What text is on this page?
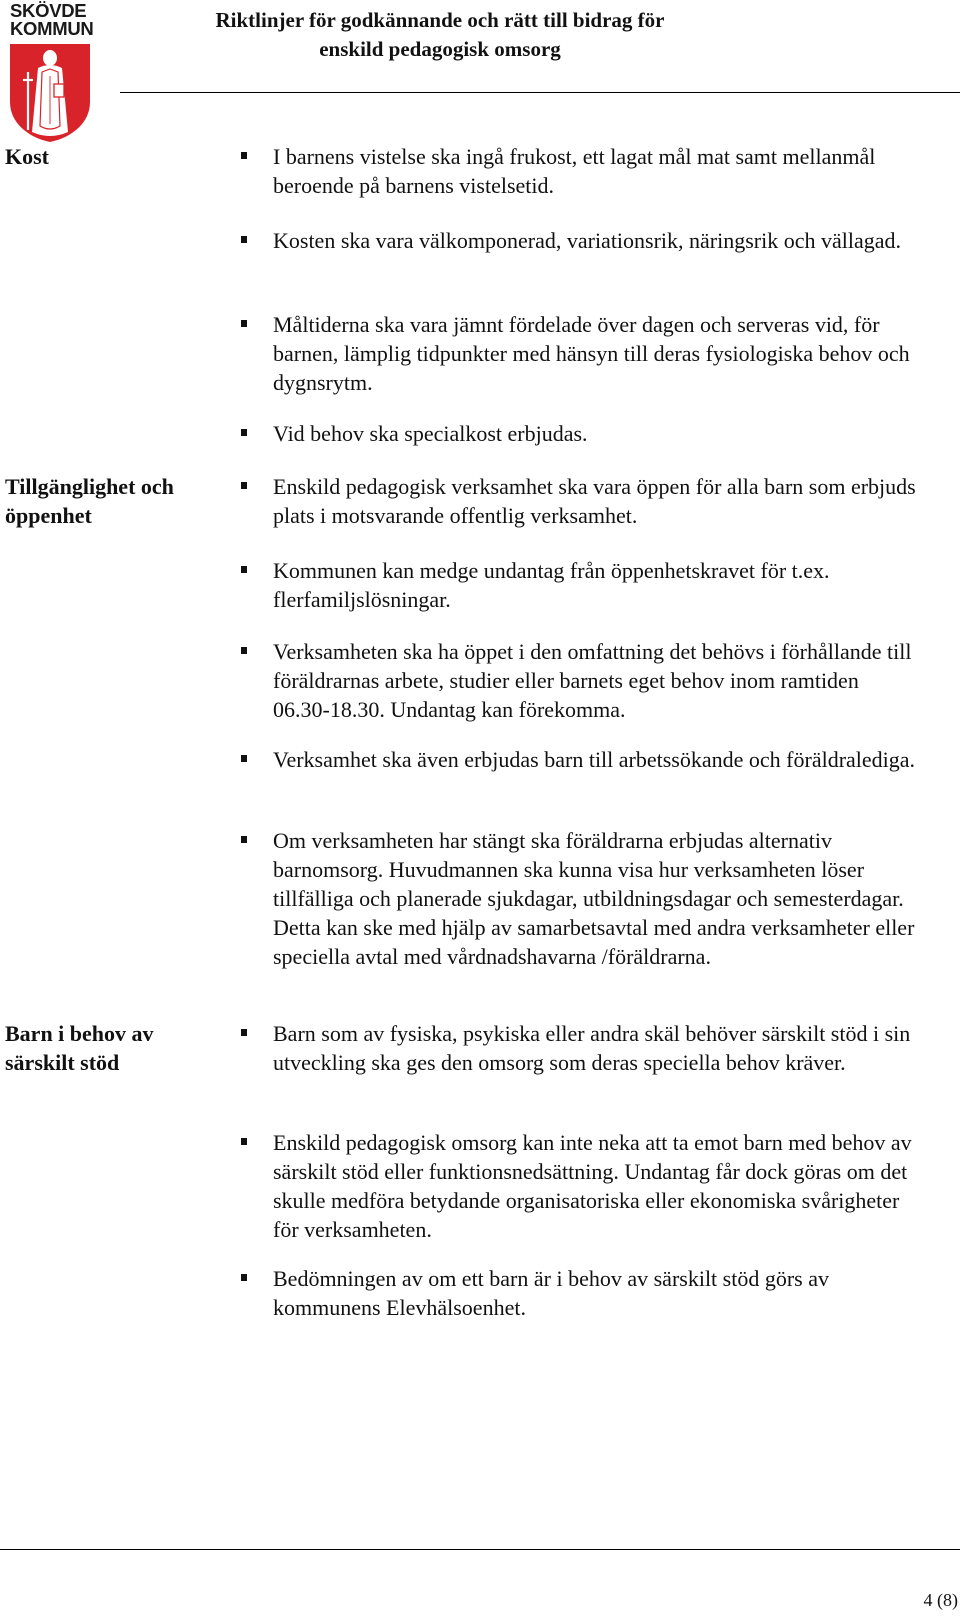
SKÖVDE
KOMMUN	Riktlinjer för godkännande och rätt till bidrag för
enskild pedagogisk omsorg
Kost	I barnens vistelse ska ingå frukost, ett lagat mål mat samt mellanmål beroende på barnens vistelsetid.
Kosten ska vara välkomponerad, variationsrik, näringsrik och vällagad.
Måltiderna ska vara jämnt fördelade över dagen och serveras vid, för barnen, lämplig tidpunkter med hänsyn till deras fysiologiska behov och dygnsrytm.
Vid behov ska specialkost erbjudas.
Tillgänglighet och
öppenhet
Enskild pedagogisk verksamhet ska vara öppen för alla barn som erbjuds plats i motsvarande offentlig verksamhet.
Kommunen kan medge undantag från öppenhetskravet för t.ex. flerfamiljslösningar.
Verksamheten ska ha öppet i den omfattning det behövs i förhållande till föräldrarnas arbete, studier eller barnets eget behov inom ramtiden 06.30-18.30. Undantag kan förekomma.
Verksamhet ska även erbjudas barn till arbetssökande och föräldralediga.
Om verksamheten har stängt ska föräldrarna erbjudas alternativ barnomsorg. Huvudmannen ska kunna visa hur verksamheten löser tillfälliga och planerade sjukdagar, utbildningsdagar och semesterdagar. Detta kan ske med hjälp av samarbetsavtal med andra verksamheter eller speciella avtal med vårdnadshavarna /föräldrarna.
Barn i behov av
särskilt stöd
Barn som av fysiska, psykiska eller andra skäl behöver särskilt stöd i sin utveckling ska ges den omsorg som deras speciella behov kräver.
Enskild pedagogisk omsorg kan inte neka att ta emot barn med behov av särskilt stöd eller funktionsnedsättning. Undantag får dock göras om det skulle medföra betydande organisatoriska eller ekonomiska svårigheter för verksamheten.
Bedömningen av om ett barn är i behov av särskilt stöd görs av kommunens Elevhälsoenhet.
4 (8)
